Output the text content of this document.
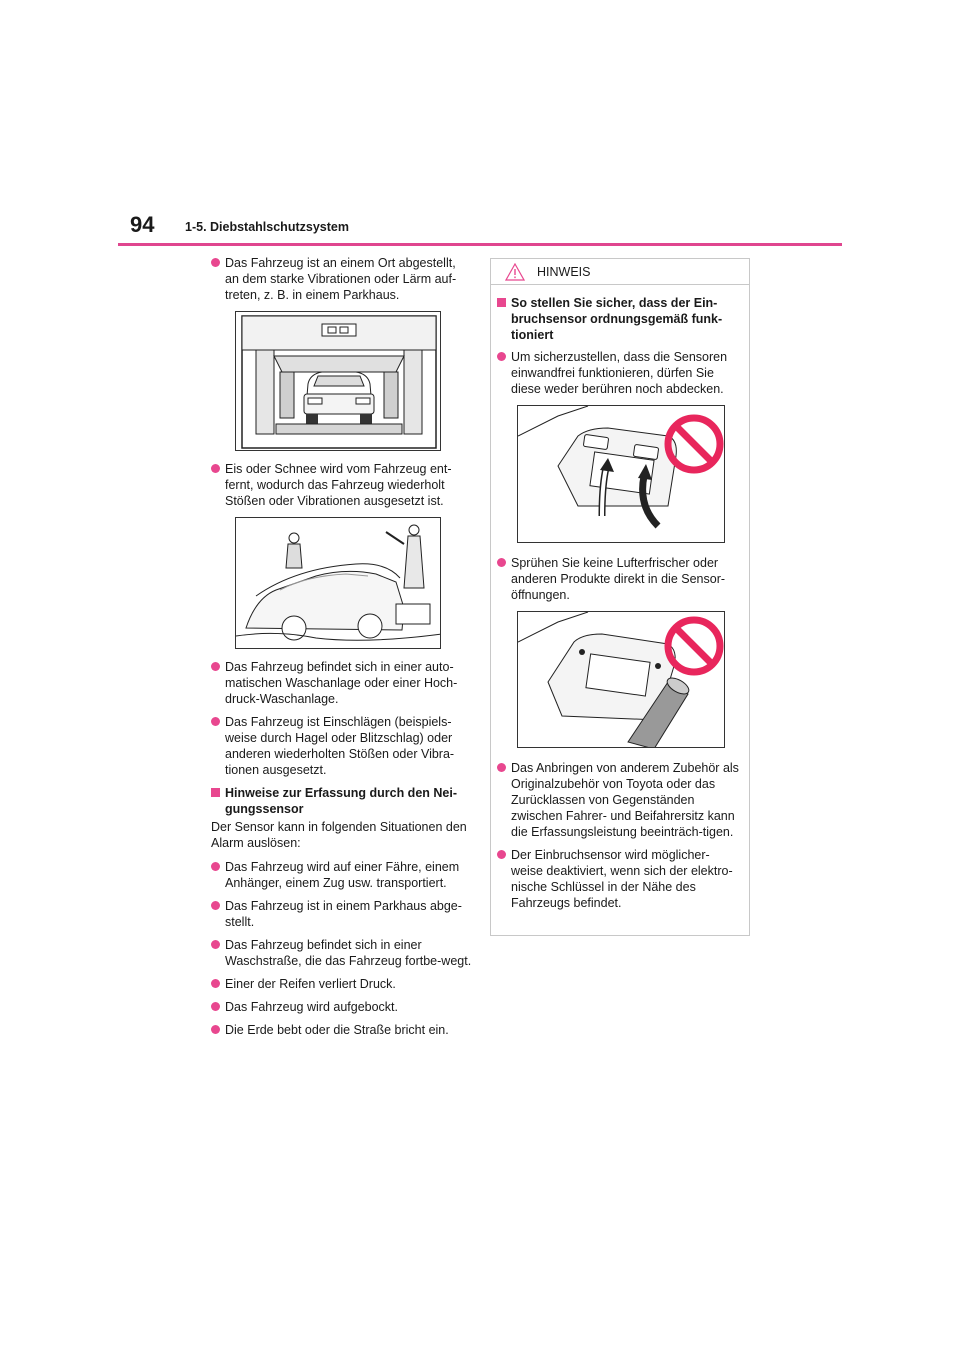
94 1-5. Diebstahlschutzsystem
Das Fahrzeug ist an einem Ort abgestellt, an dem starke Vibrationen oder Lärm auf-treten, z. B. in einem Parkhaus.
Eis oder Schnee wird vom Fahrzeug ent-fernt, wodurch das Fahrzeug wiederholt Stößen oder Vibrationen ausgesetzt ist.
Das Fahrzeug befindet sich in einer auto-matischen Waschanlage oder einer Hoch-druck-Waschanlage.
Das Fahrzeug ist Einschlägen (beispiels-weise durch Hagel oder Blitzschlag) oder anderen wiederholten Stößen oder Vibra-tionen ausgesetzt.
Hinweise zur Erfassung durch den Nei-gungssensor
Der Sensor kann in folgenden Situationen den Alarm auslösen:
Das Fahrzeug wird auf einer Fähre, einem Anhänger, einem Zug usw. transportiert.
Das Fahrzeug ist in einem Parkhaus abge-stellt.
Das Fahrzeug befindet sich in einer Waschstraße, die das Fahrzeug fortbe-wegt.
Einer der Reifen verliert Druck.
Das Fahrzeug wird aufgebockt.
Die Erde bebt oder die Straße bricht ein.
HINWEIS
So stellen Sie sicher, dass der Ein-bruchsensor ordnungsgemäß funk-tioniert
Um sicherzustellen, dass die Sensoren einwandfrei funktionieren, dürfen Sie diese weder berühren noch abdecken.
Sprühen Sie keine Lufterfrischer oder anderen Produkte direkt in die Sensor-öffnungen.
Das Anbringen von anderem Zubehör als Originalzubehör von Toyota oder das Zurücklassen von Gegenständen zwischen Fahrer- und Beifahrersitz kann die Erfassungsleistung beeinträch-tigen.
Der Einbruchsensor wird möglicher-weise deaktiviert, wenn sich der elektro-nische Schlüssel in der Nähe des Fahrzeugs befindet.
